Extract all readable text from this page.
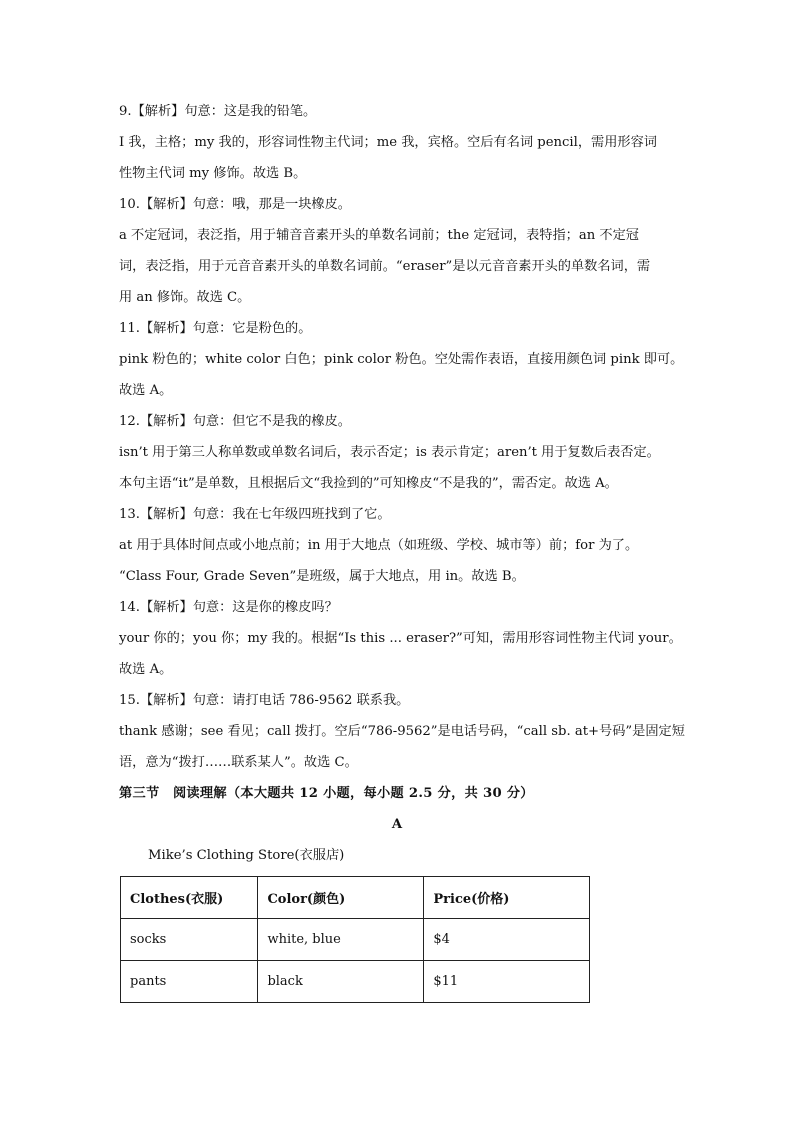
9.【解析】句意：这是我的铅笔。
I 我，主格；my 我的，形容词性物主代词；me 我，宾格。空后有名词 pencil，需用形容词
性物主代词 my 修饰。故选 B。
10.【解析】句意：哦，那是一块橡皮。
a 不定冠词，表泛指，用于辅音音素开头的单数名词前；the 定冠词，表特指；an 不定冠
词，表泛指，用于元音音素开头的单数名词前。“eraser”是以元音音素开头的单数名词，需
用 an 修饰。故选 C。
11.【解析】句意：它是粉色的。
pink 粉色的；white color 白色；pink color 粉色。空处需作表语，直接用颜色词 pink 即可。
故选 A。
12.【解析】句意：但它不是我的橡皮。
isn’t 用于第三人称单数或单数名词后，表示否定；is 表示肯定；aren’t 用于复数后表否定。
本句主语“it”是单数，且根据后文“我捡到的”可知橡皮“不是我的”，需否定。故选 A。
13.【解析】句意：我在七年级四班找到了它。
at 用于具体时间点或小地点前；in 用于大地点（如班级、学校、城市等）前；for 为了。
“Class Four, Grade Seven”是班级，属于大地点，用 in。故选 B。
14.【解析】句意：这是你的橡皮吗？
your 你的；you 你；my 我的。根据“Is this ... eraser?”可知，需用形容词性物主代词 your。
故选 A。
15.【解析】句意：请打电话 786-9562 联系我。
thank 感谢；see 看见；call 拨打。空后“786-9562”是电话号码，“call sb. at+号码”是固定短
语，意为“拨打……联系某人”。故选 C。
第三节　阅读理解（本大题共 12 小题，每小题 2.5 分，共 30 分）
A
Mike’s Clothing Store(衣服店)
Clothes(衣服)	Color(颜色)	Price(价格)
socks	white, blue	$4
pants	black	$11
